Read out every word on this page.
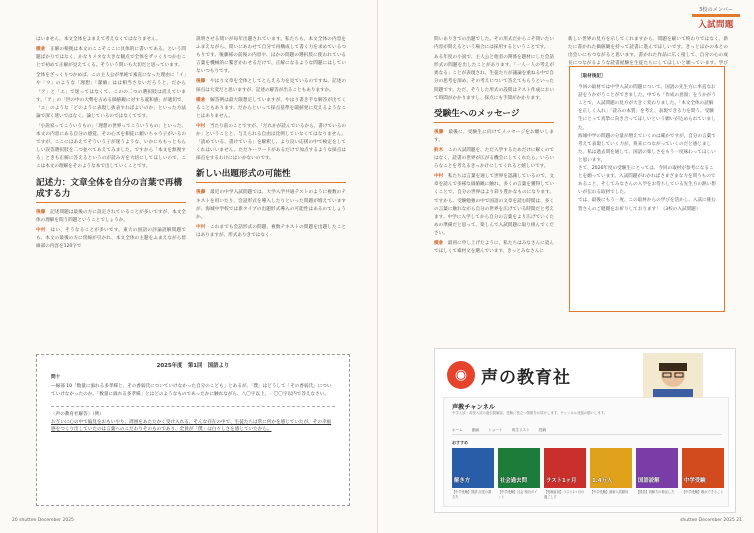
はいません。本文全体をよまえて考えなくてはなりません。

横倉　 正解の根拠は本文のここそここに具体的に書いてある。という問題ばかりではなく、かなりメタな大きな観点で全体をザッくりつかむことで初めて正解が見えてくる。そういう問いも大切だと思っています。

全体をざっくりつかめば、この主人公が単純で素直になった理由に「イ」や「ウ」のような「理想」「潔癖」はは相当さないだろうと、だから「ア」と「エ」で迷ってはなくて、このの二つの選択肢は消えています。「ア」の「世の中の大勢を占める価値観に対する違和感」が適切で、「エ」のような「どのように表現し抜表すればよいのか」といった方法論で深く迷いではなく、論じているのではなくてです。

「小説家ってこういうもの」「理想の世界ってこういうもの」といった、本文の内容にある自分の感覚、その心ズを相徒に頼いちゃう子がいるのですが、ここにはあえてそういう子が迷うような、いかにももっともらしい誤答選択肢を二つ並べてあえてみました。ですから「本文を無視する」ときも正解に答えるというのが読み方を大切にしてほしいので、ここは本文の理解をそのような本で出していくことです。

記述力：文章全体を自分の言葉で再構成する力

後藤　 記述問題は最後の方に設定されていることが多いですが、本文全体の理解を問う問題ということでしょうか。

中村　 はい、そうなることが多いです。東大の国語の評論読解問題でも、本文の最後の方に傍線が引かれ、本文全体の主題をふまえながら傍線部の内容を120字で

説明させる問いが毎年出題されています。私たちも、本文全体の内容をふまえながら、問いにあわせて自分で再構成して書く力を求めているつもりです。後藤様の前後の内容や、ほかの問題の選択肢に使われている言葉を機械的に繋ぎかわせるだけで、正解になるような問題にはしていないつもりです。

後藤　 やはり文章を全体としてとらえる力を見ているのですね。記述の採点は大変だと思いますが、記述の解答が出ることもありますか。

横倉　 解答例は最大限想定していますが、やはり書き手な解答が出てくることもあります。だからといって採点基準を閾値発に変えるようなことはありません。

中村　 当たり前のことですが、「だれかが読んでいるから、書けているのか」ということと、与えられる自由は比例していなくてはなりません。「読めている、書けている」を解釈し、より良い応援の中で検定をしてくれはいいません。ただキーワードがあるだけで加点するような採点は採点をするわけにはいかないのです。

新しい出題形式の可能性

後藤　 最近の中学入試問題では、大学入学共通テストのように複数のテキストを用いたり、会話形式を導入したりといった問題が増えていますが、海城中学校では新タイプの出題形式導入の可能性はあるのでしょうか。

中村　 これまでも会話形式の問題、複数テキストの問題を出題したことはありますが、形式ありきではなく

2025年度　第1回　国語より
問十
―線部 10「数量に溢れる多孝様と、その香弱氏についていけなかった自分のこども」とあるが、「僕」はどうして「その香弱氏」についていけなかったのか。「数量に溢れる多孝様」とはどのようなものであったかに触れながら、八〇字以上、一〇〇字以内で答えなさい。
〈声の教育社解答〉（例）
お互いに心の中で偏見をおもいやり、周囲をあたたかく受け入れる、そんな存在の中で、生徒たちは常に何かを感じていたが、その幸福感をつくり出していたのは言葉へのこだわりそのものであり、全員が「僕」は白々しさを感じていたから。
20 shuttee December 2025
3校のメンバー
入試問題

問いありきでの出題でした。その形式だからこそ問いたい内容が問えるという場合には採用するということです。

ある年度の小説で、主人公と他者の関係を題材にした会話形式の問題を出したことがあります。「一人一人の考えが異なる」ことが表現され、生徒たちが議論を重ねる中で自分の思考を深め、その考えについて答えてもらうといった問題です。ただ、そうした形式の設問はテスト作成において時間がかかりますし、採点にも手間がかかります。

受験生へのメッセージ

後藤　 最後に、受験生に向けてメッセージをお願いします。

鈴木　 この入試問題を、ただ入学するためだけに解くのではなく、読書の世界が広がる機会にしてくれたら、いろいろなことを考えるきっかけにしてくれると嬉しいです。

中村　 私たちは言葉を通して世界を認識しているので、文章を読んで多様な価値観に触れ、多くの言葉を獲得していくことで、自分の世界はより彩り豊かなものになります。ですから、受験勉強の中で国語の文章を読む時間は、多くの言葉に触れながら自分の世界を広げている時間だと考えます。中学に入学してから自分の言葉をより広げていくための準備だと思って、楽しんで入試問題に取り組んでください。

横倉　 最初に申し上げたように、私たちはみなさんに読んでほしくて素材文を選んでいます。きっとみなさんに

新しい世界の見方を示してくれますから、問題を解いて終わりではなく、新たに書かれた価値観を持って読書に進んでほしいです。きっとほかの本との出会いにもつながると思います。書かれた作品に広く接して、自分の心の成長につながるような読書経験を生徒たちにしてほしいと願っています。学び

◉ 声の教育社
声教チャンネル
中学入試・高校入試の過去問解説、受験に役立つ情報をお届けします。チャンネル登録お願いします。
ホーム	動画	ショート	再生リスト	投稿
おすすめ
解き方	社会過去問	ラスト1ヶ月	1.4万人	国語読解	中学受験
【中学受験】国語 記述の書き方
【中学受験】社会 頻出ポイント
【受験直前】ラスト1ヶ月の過ごし方
【中学受験】最新入試動向	【国語】読解力の伸ばし方	【中学受験】親ができること
shuttee December 2025 21
［取材後記］
今回の取材では中学入試の問題について、国語の先生方に率直なお話をうかがうことができました。中でも「作成の意図」をうかがうことで、入試問題の見方が大きく変わりました。「本文全体の読解を正しく入れ」「読みの本質」を考え、表現できる力を問う。受験生にとって真摯に向き合ってほしいという願いが込められていました。
海城中学の問題の分量が増えていくのは確かですが、自分の言葉で考えて表現していく力が、将来につながっていくのだと感じました。私は過去問を通して、国語の楽しさをもう一度味わってほしいと思います。
さて、2026年度の受験生にとっては、今回の取材が参考になることを願っています。入試問題がわかればさまざまな力を問うものであること、そしてみなさんの入学をお待ちしている先生方の熱い想いが伝わる取材でした。
では、最後にもう一度、この取材からの学びを活かし、入試に挑む皆さんのご健闘をお祈りしております！（3校の入試問題）
